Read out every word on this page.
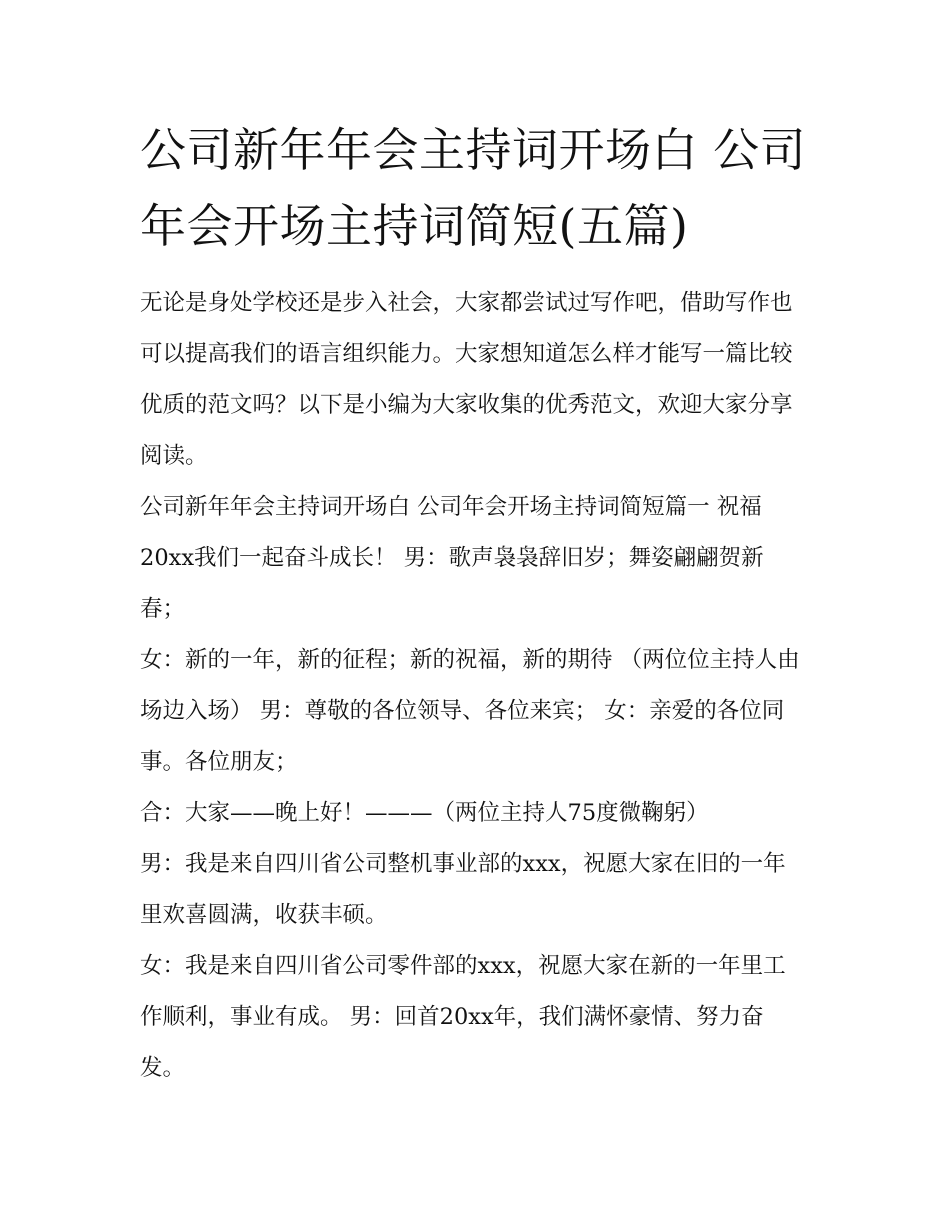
公司新年年会主持词开场白 公司年会开场主持词简短(五篇)

无论是身处学校还是步入社会，大家都尝试过写作吧，借助写作也可以提高我们的语言组织能力。大家想知道怎么样才能写一篇比较优质的范文吗？以下是小编为大家收集的优秀范文，欢迎大家分享阅读。

公司新年年会主持词开场白 公司年会开场主持词简短篇一 祝福20xx我们一起奋斗成长！ 男：歌声袅袅辞旧岁；舞姿翩翩贺新春；

女：新的一年，新的征程；新的祝福，新的期待 （两位位主持人由场边入场） 男：尊敬的各位领导、各位来宾； 女：亲爱的各位同事。各位朋友；

合：大家——晚上好！———（两位主持人75度微鞠躬）

男：我是来自四川省公司整机事业部的xxx，祝愿大家在旧的一年里欢喜圆满，收获丰硕。

女：我是来自四川省公司零件部的xxx，祝愿大家在新的一年里工作顺利，事业有成。 男：回首20xx年，我们满怀豪情、努力奋发。
